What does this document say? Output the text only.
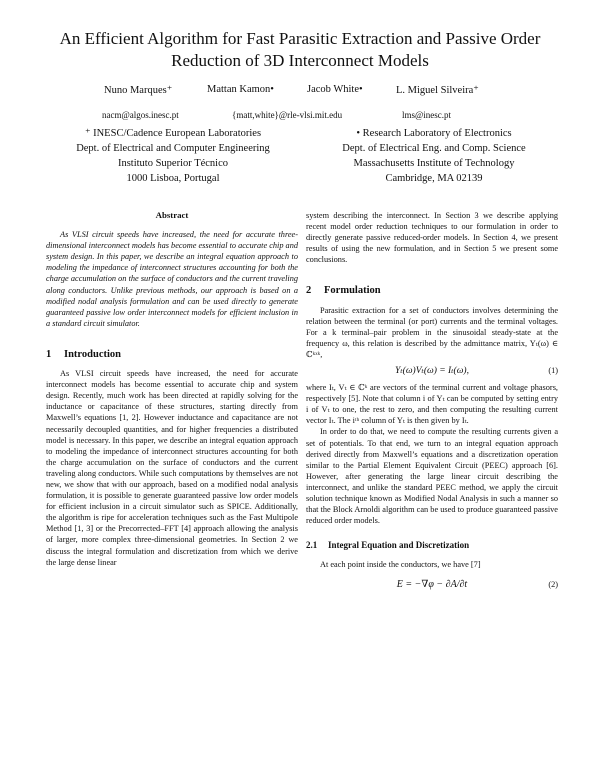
An Efficient Algorithm for Fast Parasitic Extraction and Passive Order
Reduction of 3D Interconnect Models
Nuno Marques⁺	Mattan Kamon•	Jacob White•	L. Miguel Silveira⁺
nacm@algos.inesc.pt	{matt,white}@rle-vlsi.mit.edu	lms@inesc.pt
⁺ INESC/Cadence European Laboratories
Dept. of Electrical and Computer Engineering
Instituto Superior Técnico
1000 Lisboa, Portugal
• Research Laboratory of Electronics
Dept. of Electrical Eng. and Comp. Science
Massachusetts Institute of Technology
Cambridge, MA 02139
Abstract

As VLSI circuit speeds have increased, the need for accurate three-dimensional interconnect models has become essential to accurate chip and system design. In this paper, we describe an integral equation approach to modeling the impedance of interconnect structures accounting for both the charge accumulation on the surface of conductors and the current traveling along conductors. Unlike previous methods, our approach is based on a modified nodal analysis formulation and can be used directly to generate guaranteed passive low order interconnect models for efficient inclusion in a standard circuit simulator.

1 Introduction

As VLSI circuit speeds have increased, the need for accurate interconnect models has become essential to accurate chip and system design. Recently, much work has been directed at rapidly solving for the inductance or capacitance of these structures, starting directly from Maxwell’s equations [1, 2]. However inductance and capacitance are not necessarily decoupled quantities, and for higher frequencies a distributed model is necessary. In this paper, we describe an integral equation approach to modeling the impedance of interconnect structures accounting for both the charge accumulation on the surface of conductors and the current traveling along conductors. While such computations by themselves are not new, we show that with our approach, based on a modified nodal analysis formulation, it is possible to generate guaranteed passive low order models for efficient inclusion in a circuit simulator such as SPICE. Additionally, the algorithm is ripe for acceleration techniques such as the Fast Multipole Method [1, 3] or the Precorrected–FFT [4] approach allowing the analysis of larger, more complex three-dimensional geometries. In Section 2 we discuss the integral formulation and discretization from which we derive the large dense linear

system describing the interconnect. In Section 3 we describe applying recent model order reduction techniques to our formulation in order to directly generate passive reduced-order models. In Section 4, we present results of using the new formulation, and in Section 5 we present some conclusions.

2 Formulation

Parasitic extraction for a set of conductors involves determining the relation between the terminal (or port) currents and the terminal voltages. For a k terminal–pair problem in the sinusoidal steady-state at the frequency ω, this relation is described by the admittance matrix, Yₜ(ω) ∈ ℂᵏˣᵏ,

Yₜ(ω)Vₜ(ω) = Iₜ(ω),	(1)

where Iₜ, Vₜ ∈ ℂᵏ are vectors of the terminal current and voltage phasors, respectively [5]. Note that column i of Yₜ can be computed by setting entry i of Vₜ to one, the rest to zero, and then computing the resulting current vector Iₜ. The iᵗʰ column of Yₜ is then given by Iₜ.

In order to do that, we need to compute the resulting currents given a set of potentials. To that end, we turn to an integral equation approach derived directly from Maxwell’s equations and a discretization operation similar to the Partial Element Equivalent Circuit (PEEC) approach [6]. However, after generating the large linear circuit describing the interconnect, and unlike the standard PEEC method, we apply the circuit solution technique known as Modified Nodal Analysis in such a manner so that the Block Arnoldi algorithm can be used to produce guaranteed passive reduced order models.

2.1 Integral Equation and Discretization

At each point inside the conductors, we have [7]

E = −∇φ − ∂A/∂t	(2)
